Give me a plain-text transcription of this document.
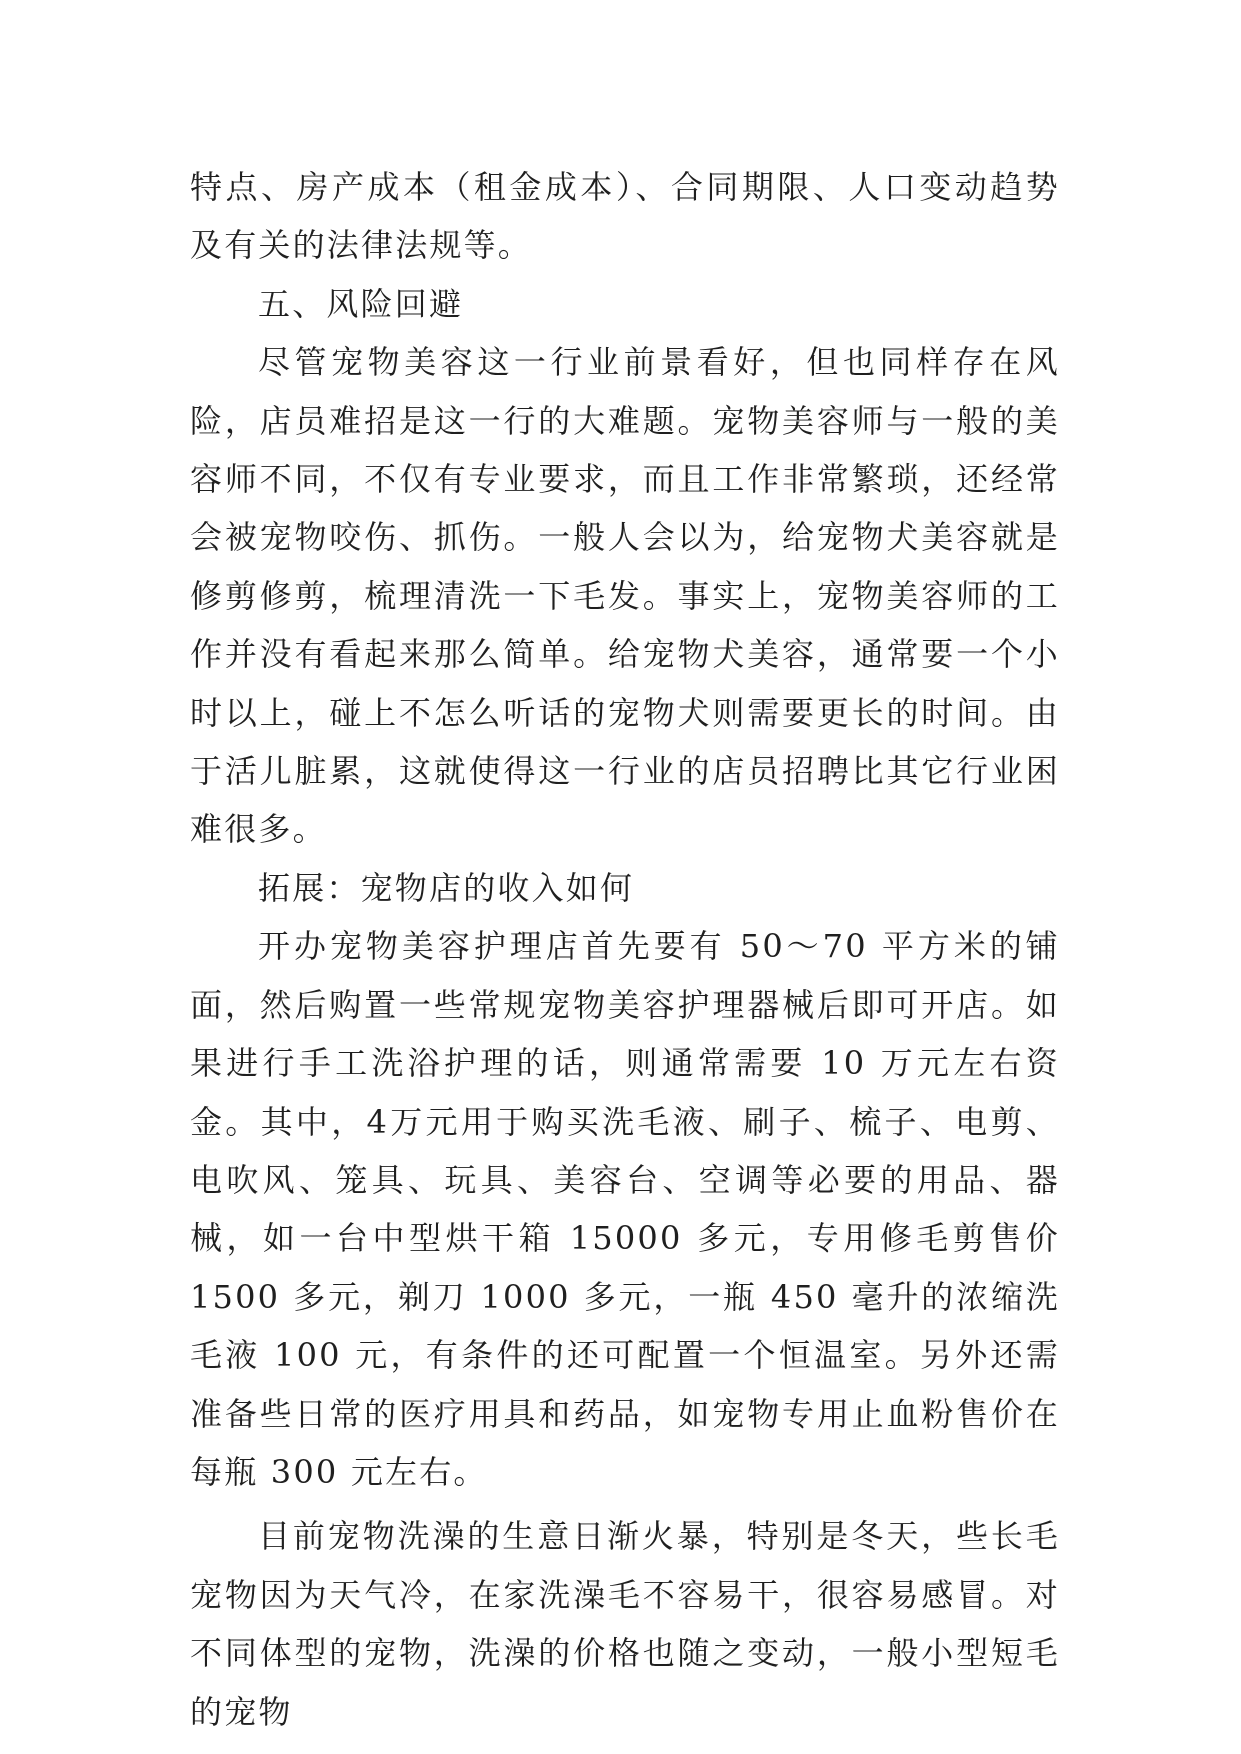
特点、房产成本（租金成本）、合同期限、人口变动趋势及有关的法律法规等。

五、风险回避

尽管宠物美容这一行业前景看好，但也同样存在风险，店员难招是这一行的大难题。宠物美容师与一般的美容师不同，不仅有专业要求，而且工作非常繁琐，还经常会被宠物咬伤、抓伤。一般人会以为，给宠物犬美容就是修剪修剪，梳理清洗一下毛发。事实上，宠物美容师的工作并没有看起来那么简单。给宠物犬美容，通常要一个小时以上，碰上不怎么听话的宠物犬则需要更长的时间。由于活儿脏累，这就使得这一行业的店员招聘比其它行业困难很多。

拓展：宠物店的收入如何

开办宠物美容护理店首先要有 50～70 平方米的铺面，然后购置一些常规宠物美容护理器械后即可开店。如果进行手工洗浴护理的话，则通常需要 10 万元左右资金。其中，4万元用于购买洗毛液、刷子、梳子、电剪、电吹风、笼具、玩具、美容台、空调等必要的用品、器械，如一台中型烘干箱 15000 多元，专用修毛剪售价 1500 多元，剃刀 1000 多元，一瓶 450 毫升的浓缩洗毛液 100 元，有条件的还可配置一个恒温室。另外还需准备些日常的医疗用具和药品，如宠物专用止血粉售价在每瓶 300 元左右。

目前宠物洗澡的生意日渐火暴，特别是冬天，些长毛宠物因为天气冷，在家洗澡毛不容易干，很容易感冒。对不同体型的宠物，洗澡的价格也随之变动，一般小型短毛的宠物
